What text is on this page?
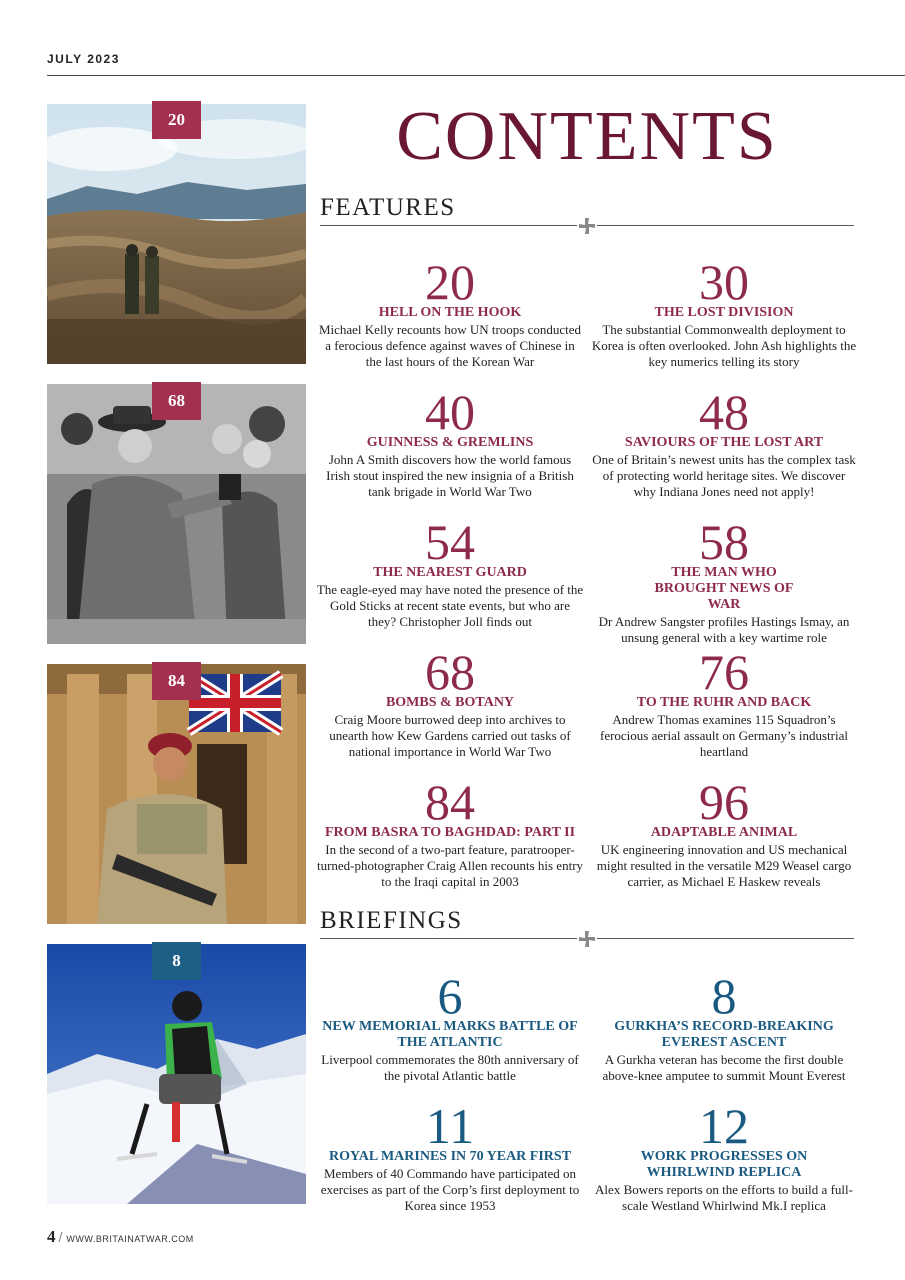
JULY 2023
20
68
84
8
CONTENTS
FEATURES
20
HELL ON THE HOOK
Michael Kelly recounts how UN troops conducted a ferocious defence against waves of Chinese in the last hours of the Korean War
30
THE LOST DIVISION
The substantial Commonwealth deployment to Korea is often overlooked. John Ash highlights the key numerics telling its story
40
GUINNESS & GREMLINS
John A Smith discovers how the world famous Irish stout inspired the new insignia of a British tank brigade in World War Two
48
SAVIOURS OF THE LOST ART
One of Britain’s newest units has the complex task of protecting world heritage sites. We discover why Indiana Jones need not apply!
54
THE NEAREST GUARD
The eagle-eyed may have noted the presence of the Gold Sticks at recent state events, but who are they? Christopher Joll finds out
58
THE MAN WHO BROUGHT NEWS OF WAR
Dr Andrew Sangster profiles Hastings Ismay, an unsung general with a key wartime role
68
BOMBS & BOTANY
Craig Moore burrowed deep into archives to unearth how Kew Gardens carried out tasks of national importance in World War Two
76
TO THE RUHR AND BACK
Andrew Thomas examines 115 Squadron’s ferocious aerial assault on Germany’s industrial heartland
84
FROM BASRA TO BAGHDAD: PART II
In the second of a two-part feature, paratrooper-turned-photographer Craig Allen recounts his entry to the Iraqi capital in 2003
96
ADAPTABLE ANIMAL
UK engineering innovation and US mechanical might resulted in the versatile M29 Weasel cargo carrier, as Michael E Haskew reveals
BRIEFINGS
6
NEW MEMORIAL MARKS BATTLE OF THE ATLANTIC
Liverpool commemorates the 80th anniversary of the pivotal Atlantic battle
8
GURKHA’S RECORD-BREAKING EVEREST ASCENT
A Gurkha veteran has become the first double above-knee amputee to summit Mount Everest
11
ROYAL MARINES IN 70 YEAR FIRST
Members of 40 Commando have participated on exercises as part of the Corp’s first deployment to Korea since 1953
12
WORK PROGRESSES ON WHIRLWIND REPLICA
Alex Bowers reports on the efforts to build a full-scale Westland Whirlwind Mk.I replica
4 / WWW.BRITAINATWAR.COM
